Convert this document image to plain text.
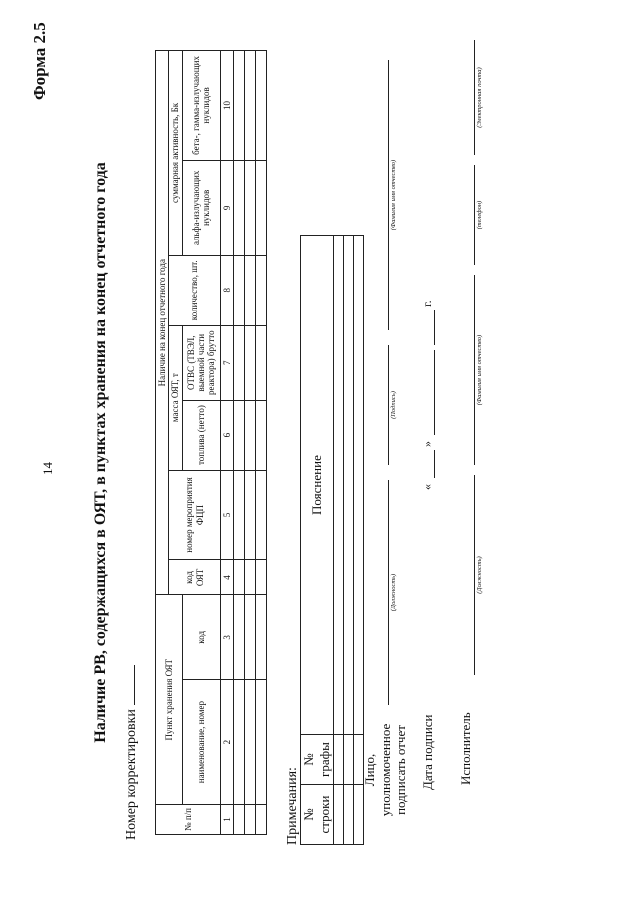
14
Форма 2.5
Наличие РВ, содержащихся в ОЯТ, в пунктах хранения на конец отчетного года
Номер корректировки	№ п/п	Пункт хранения ОЯТ		Наличие на конец отчетного года						
			код ОЯТ	номер мероприятия ФЦП	масса ОЯТ, т		количество, шт.	суммарная активность, Бк	
	наименование, номер	код			топлива (нетто)	ОТВС (ТВЭЛ, выемной части реактора) брутто		альфа-излучающих нуклидов	бета-, гамма-излучающих нуклидов

1	2	3	4	5	6	7	8	9	10

Примечания: № строки	№ графы	Пояснение

Лицо, уполномоченное подписать отчет
(Должность)
(Подпись)
(Фамилия имя отчество)
Дата подписи
«
»
г.
Исполнитель
(Должность)
(Фамилия имя отчество)
(телефон)
(Электронная почта)
